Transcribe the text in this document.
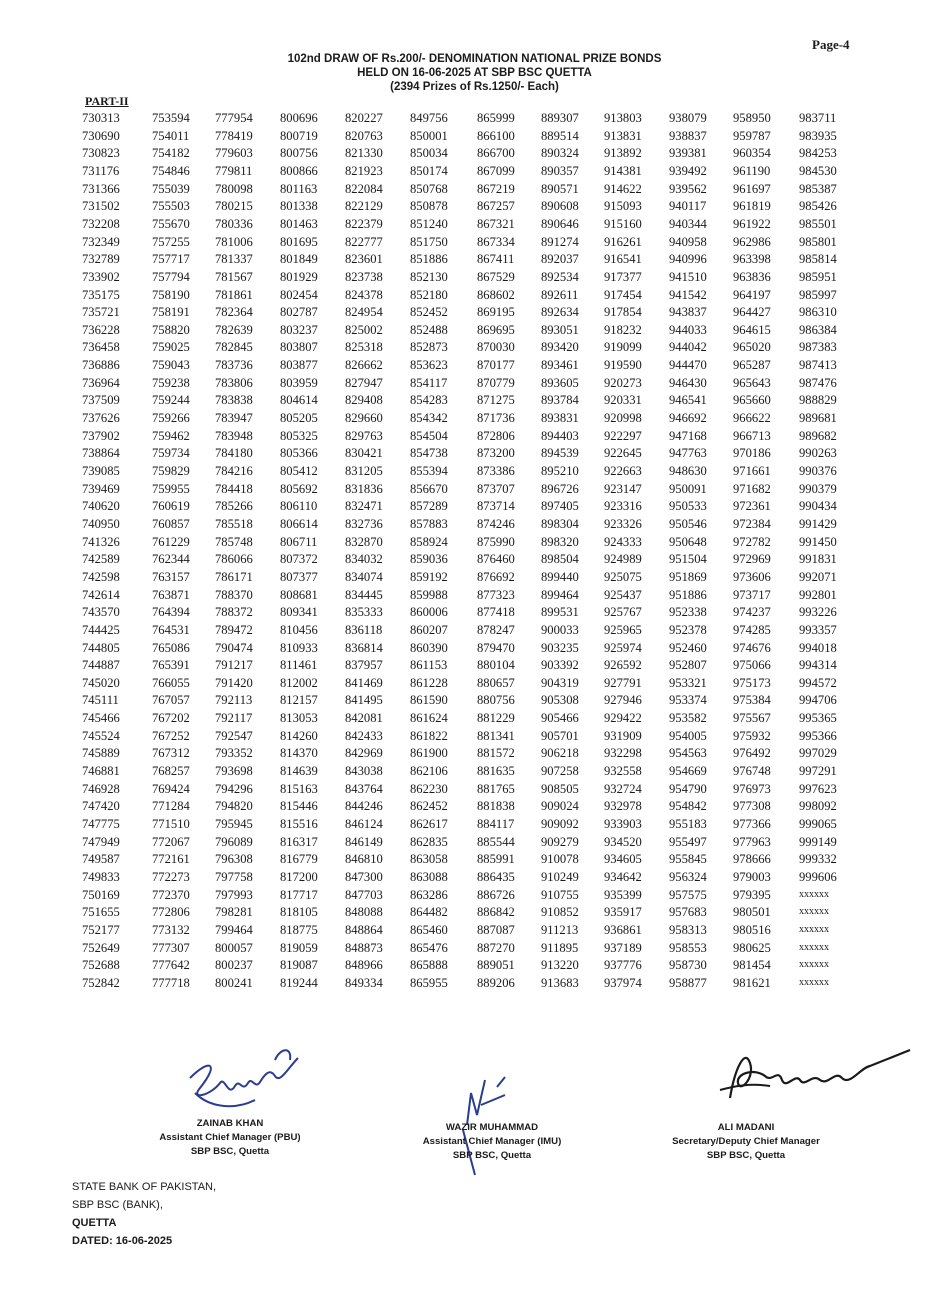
Page-4
102nd DRAW OF Rs.200/- DENOMINATION NATIONAL PRIZE BONDS
HELD ON 16-06-2025 AT SBP BSC QUETTA
(2394 Prizes of Rs.1250/- Each)
PART-II
730313	753594 777954 800696 820227 849756 865999 889307 913803 938079 958950 983711
730690	754011 778419 800719 820763 850001 866100 889514 913831 938837 959787 983935
730823	754182 779603 800756 821330 850034 866700 890324 913892 939381 960354 984253
731176	754846 779811 800866 821923 850174 867099 890357 914381 939492 961190 984530
731366	755039 780098 801163 822084 850768 867219 890571 914622 939562 961697 985387
731502	755503 780215 801338 822129 850878 867257 890608 915093 940117 961819 985426
732208	755670 780336 801463 822379 851240 867321 890646 915160 940344 961922 985501
732349	757255 781006 801695 822777 851750 867334 891274 916261 940958 962986 985801
732789	757717 781337 801849 823601 851886 867411 892037 916541 940996 963398 985814
733902	757794 781567 801929 823738 852130 867529 892534 917377 941510 963836 985951
735175	758190 781861 802454 824378 852180 868602 892611 917454 941542 964197 985997
735721	758191 782364 802787 824954 852452 869195 892634 917854 943837 964427 986310
736228	758820 782639 803237 825002 852488 869695 893051 918232 944033 964615 986384
736458	759025 782845 803807 825318 852873 870030 893420 919099 944042 965020 987383
736886	759043 783736 803877 826662 853623 870177 893461 919590 944470 965287 987413
736964	759238 783806 803959 827947 854117 870779 893605 920273 946430 965643 987476
737509	759244 783838 804614 829408 854283 871275 893784 920331 946541 965660 988829
737626	759266 783947 805205 829660 854342 871736 893831 920998 946692 966622 989681
737902	759462 783948 805325 829763 854504 872806 894403 922297 947168 966713 989682
738864	759734 784180 805366 830421 854738 873200 894539 922645 947763 970186 990263
739085	759829 784216 805412 831205 855394 873386 895210 922663 948630 971661 990376
739469	759955 784418 805692 831836 856670 873707 896726 923147 950091 971682 990379
740620	760619 785266 806110 832471 857289 873714 897405 923316 950533 972361 990434
740950	760857 785518 806614 832736 857883 874246 898304 923326 950546 972384 991429
741326	761229 785748 806711 832870 858924 875990 898320 924333 950648 972782 991450
742589	762344 786066 807372 834032 859036 876460 898504 924989 951504 972969 991831
742598	763157 786171 807377 834074 859192 876692 899440 925075 951869 973606 992071
742614	763871 788370 808681 834445 859988 877323 899464 925437 951886 973717 992801
743570	764394 788372 809341 835333 860006 877418 899531 925767 952338 974237 993226
744425	764531 789472 810456 836118 860207 878247 900033 925965 952378 974285 993357
744805	765086 790474 810933 836814 860390 879470 903235 925974 952460 974676 994018
744887	765391 791217 811461 837957 861153 880104 903392 926592 952807 975066 994314
745020	766055 791420 812002 841469 861228 880657 904319 927791 953321 975173 994572
745111	767057 792113 812157 841495 861590 880756 905308 927946 953374 975384 994706
745466	767202 792117 813053 842081 861624 881229 905466 929422 953582 975567 995365
745524	767252 792547 814260 842433 861822 881341 905701 931909 954005 975932 995366
745889	767312 793352 814370 842969 861900 881572 906218 932298 954563 976492 997029
746881	768257 793698 814639 843038 862106 881635 907258 932558 954669 976748 997291
746928	769424 794296 815163 843764 862230 881765 908505 932724 954790 976973 997623
747420	771284 794820 815446 844246 862452 881838 909024 932978 954842 977308 998092
747775	771510 795945 815516 846124 862617 884117 909092 933903 955183 977366 999065
747949	772067 796089 816317 846149 862835 885544 909279 934520 955497 977963 999149
749587	772161 796308 816779 846810 863058 885991 910078 934605 955845 978666 999332
749833	772273 797758 817200 847300 863088 886435 910249 934642 956324 979003 999606
750169	772370 797993 817717 847703 863286 886726 910755 935399 957575 979395	xxxxxx
751655	772806 798281 818105 848088 864482 886842 910852 935917 957683 980501	xxxxxx
752177	773132 799464 818775 848864 865460 887087 911213 936861 958313 980516	xxxxxx
752649	777307 800057 819059 848873 865476 887270 911895 937189 958553 980625	xxxxxx
752688	777642 800237 819087 848966 865888 889051 913220 937776 958730 981454	xxxxxx
752842	777718 800241 819244 849334 865955 889206 913683 937974 958877 981621	xxxxxx
ZAINAB KHAN
Assistant Chief Manager (PBU)
SBP BSC, Quetta
WAZIR MUHAMMAD
Assistant Chief Manager (IMU)
SBP BSC, Quetta
ALI MADANI
Secretary/Deputy Chief Manager
SBP BSC, Quetta
STATE BANK OF PAKISTAN,
SBP BSC (BANK),
QUETTA
DATED: 16-06-2025
